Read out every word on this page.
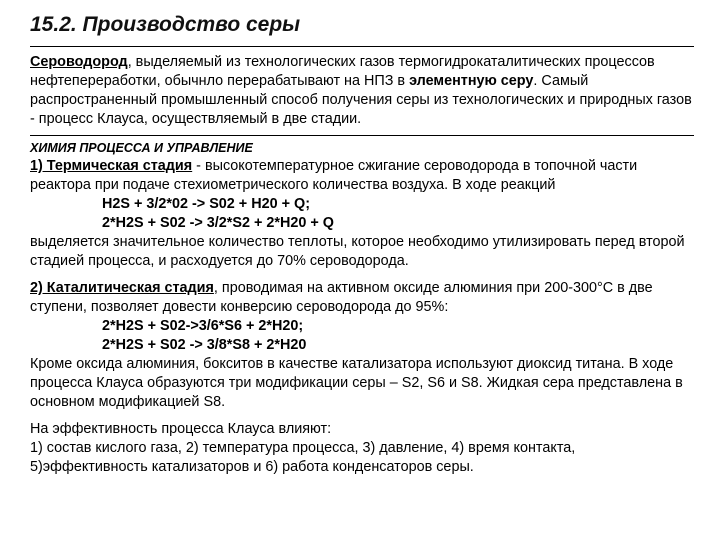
15.2. Производство серы

Сероводород, выделяемый из технологических газов термогидрокаталитических процессов нефтепереработки, обычнло перерабатывают на НПЗ в элементную серу. Самый распространенный промышленный способ получения серы из технологических и природных газов - процесс Клауса, осуществляемый в две стадии.

ХИМИЯ ПРОЦЕССА И УПРАВЛЕНИЕ

1) Термическая стадия - высокотемпературное сжигание сероводорода в топочной части реактора при подаче стехиометрического количества воздуха. В ходе реакций

H2S + 3/2*02 -> S02 + H20 + Q;

2*H2S + S02 -> 3/2*S2 + 2*H20 + Q

выделяется значительное количество теплоты, которое необходимо утилизировать перед второй стадией процесса, и расходуется до 70% сероводорода.

2) Каталитическая стадия, проводимая на активном оксиде алюминия при 200-300°С в две ступени, позволяет довести конверсию сероводорода до 95%:

2*H2S + S02->3/6*S6 + 2*H20;

2*H2S + S02 -> 3/8*S8 + 2*H20

Кроме оксида алюминия, бокситов в качестве катализатора используют диоксид титана. В ходе процесса Клауса образуются три модификации серы – S2, S6 и S8. Жидкая сера представлена в основном модификацией S8.

На эффективность процесса Клауса влияют:

1) состав кислого газа, 2) температура процесса, 3) давление, 4) время контакта, 5)эффективность катализаторов и 6) работа конденсаторов серы.
